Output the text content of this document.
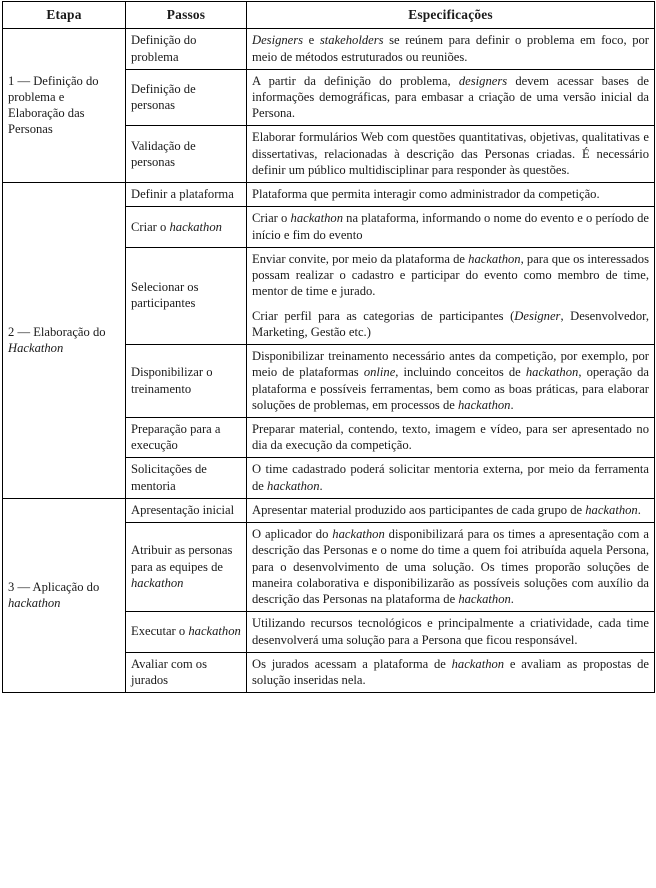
Etapa	Passos	Especificações
1 — Definição do problema e Elaboração das Personas	Definição do problema	Designers e stakeholders se reúnem para definir o problema em foco, por meio de métodos estruturados ou reuniões.

	Definição de personas	A partir da definição do problema, designers devem acessar bases de informações demográficas, para embasar a criação de uma versão inicial da Persona.

	Validação de personas	Elaborar formulários Web com questões quantitativas, objetivas, qualitativas e dissertativas, relacionadas à descrição das Personas criadas. É necessário definir um público multidisciplinar para responder às questões.

2 — Elaboração do Hackathon	Definir a plataforma	Plataforma que permita interagir como administrador da competição.

	Criar o hackathon	Criar o hackathon na plataforma, informando o nome do evento e o período de início e fim do evento

	Selecionar os participantes	Enviar convite, por meio da plataforma de hackathon, para que os interessados possam realizar o cadastro e participar do evento como membro de time, mentor de time e jurado.

Criar perfil para as categorias de participantes (Designer, Desenvolvedor, Marketing, Gestão etc.)

	Disponibilizar o treinamento	Disponibilizar treinamento necessário antes da competição, por exemplo, por meio de plataformas online, incluindo conceitos de hackathon, operação da plataforma e possíveis ferramentas, bem como as boas práticas, para elaborar soluções de problemas, em processos de hackathon.

	Preparação para a execução	Preparar material, contendo, texto, imagem e vídeo, para ser apresentado no dia da execução da competição.

	Solicitações de mentoria	O time cadastrado poderá solicitar mentoria externa, por meio da ferramenta de hackathon.

3 — Aplicação do hackathon	Apresentação inicial	Apresentar material produzido aos participantes de cada grupo de hackathon.

	Atribuir as personas para as equipes de hackathon	O aplicador do hackathon disponibilizará para os times a apresentação com a descrição das Personas e o nome do time a quem foi atribuída aquela Persona, para o desenvolvimento de uma solução. Os times proporão soluções de maneira colaborativa e disponibilizarão as possíveis soluções com auxílio da descrição das Personas na plataforma de hackathon.

	Executar o hackathon	Utilizando recursos tecnológicos e principalmente a criatividade, cada time desenvolverá uma solução para a Persona que ficou responsável.

	Avaliar com os jurados	Os jurados acessam a plataforma de hackathon e avaliam as propostas de solução inseridas nela.
